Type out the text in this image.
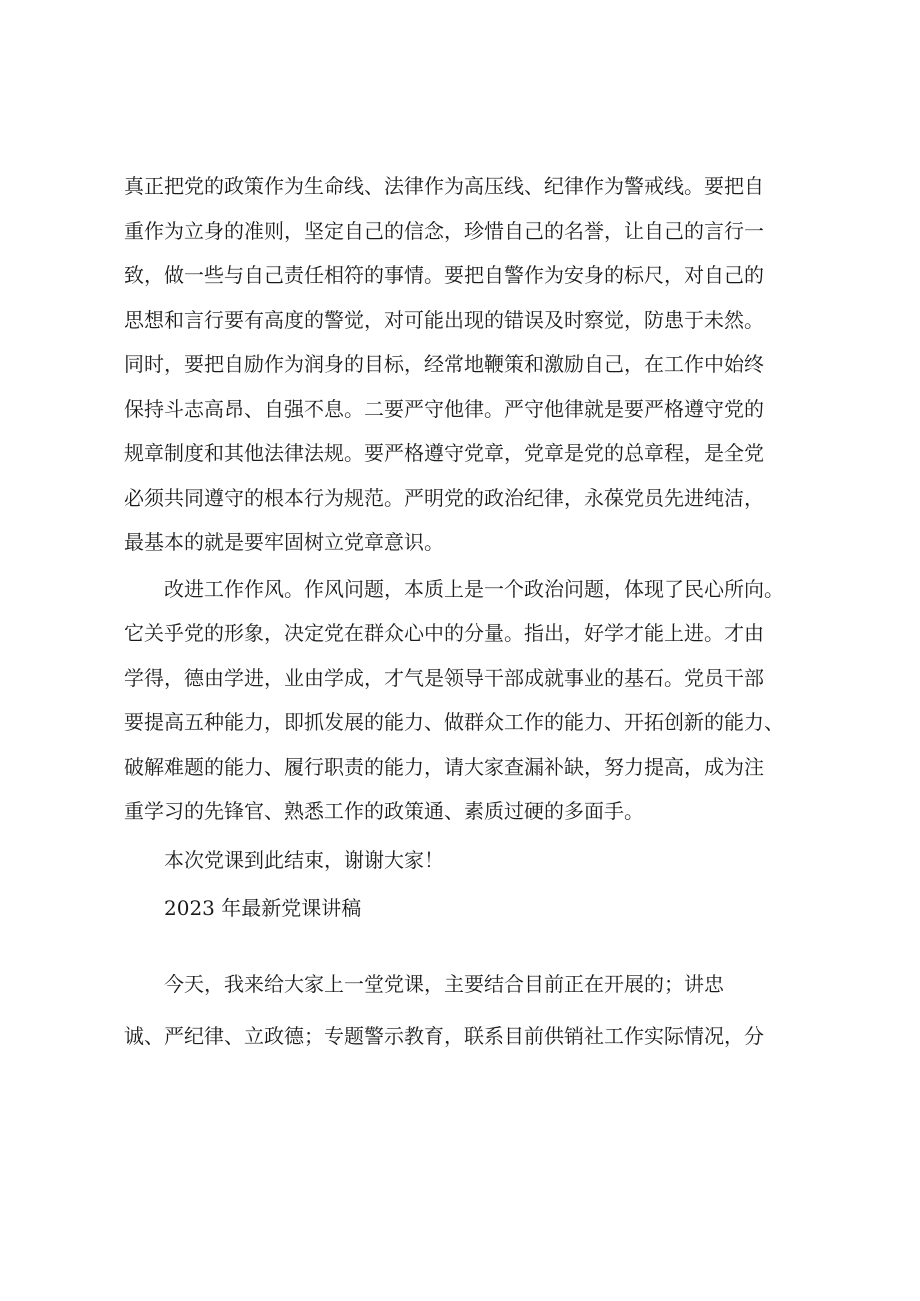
真正把党的政策作为生命线、法律作为高压线、纪律作为警戒线。要把自
重作为立身的准则，坚定自己的信念，珍惜自己的名誉，让自己的言行一
致，做一些与自己责任相符的事情。要把自警作为安身的标尺，对自己的
思想和言行要有高度的警觉，对可能出现的错误及时察觉，防患于未然。
同时，要把自励作为润身的目标，经常地鞭策和激励自己，在工作中始终
保持斗志高昂、自强不息。二要严守他律。严守他律就是要严格遵守党的
规章制度和其他法律法规。要严格遵守党章，党章是党的总章程，是全党
必须共同遵守的根本行为规范。严明党的政治纪律，永葆党员先进纯洁，
最基本的就是要牢固树立党章意识。

改进工作作风。作风问题，本质上是一个政治问题，体现了民心所向。
它关乎党的形象，决定党在群众心中的分量。指出，好学才能上进。才由
学得，德由学进，业由学成，才气是领导干部成就事业的基石。党员干部
要提高五种能力，即抓发展的能力、做群众工作的能力、开拓创新的能力、
破解难题的能力、履行职责的能力，请大家查漏补缺，努力提高，成为注
重学习的先锋官、熟悉工作的政策通、素质过硬的多面手。

本次党课到此结束，谢谢大家！

2023 年最新党课讲稿

今天，我来给大家上一堂党课，主要结合目前正在开展的；讲忠
诚、严纪律、立政德；专题警示教育，联系目前供销社工作实际情况，分
